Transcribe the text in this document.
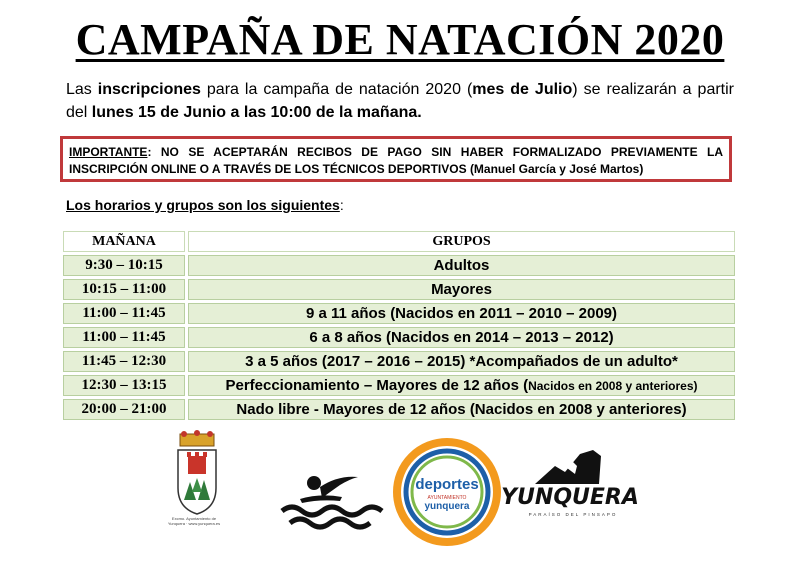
CAMPAÑA DE NATACIÓN 2020
Las inscripciones para la campaña de natación 2020 (mes de Julio) se realizarán a partir del lunes 15 de Junio a las 10:00 de la mañana.

IMPORTANTE: NO SE ACEPTARÁN RECIBOS DE PAGO SIN HABER FORMALIZADO PREVIAMENTE LA INSCRIPCIÓN ONLINE O A TRAVÉS DE LOS TÉCNICOS DEPORTIVOS (Manuel García y José Martos)

Los horarios y grupos son los siguientes:
MAÑANA	GRUPOS
9:30 – 10:15	Adultos
10:15 – 11:00	Mayores
11:00 – 11:45	9 a 11 años (Nacidos en 2011 – 2010 – 2009)
11:00 – 11:45	6 a 8 años (Nacidos en 2014 – 2013 – 2012)
11:45 – 12:30	3 a 5 años (2017 – 2016 – 2015) *Acompañados de un adulto*
12:30 – 13:15	Perfeccionamiento – Mayores de 12 años (Nacidos en 2008 y anteriores)
20:00 – 21:00	Nado libre - Mayores de 12 años (Nacidos en 2008 y anteriores)
Excmo. Ayuntamiento de Yunquera · www.yunquera.es
deportes
AYUNTAMIENTO
yunquera YUNQUERA
PARAÍSO DEL PINSAPO
